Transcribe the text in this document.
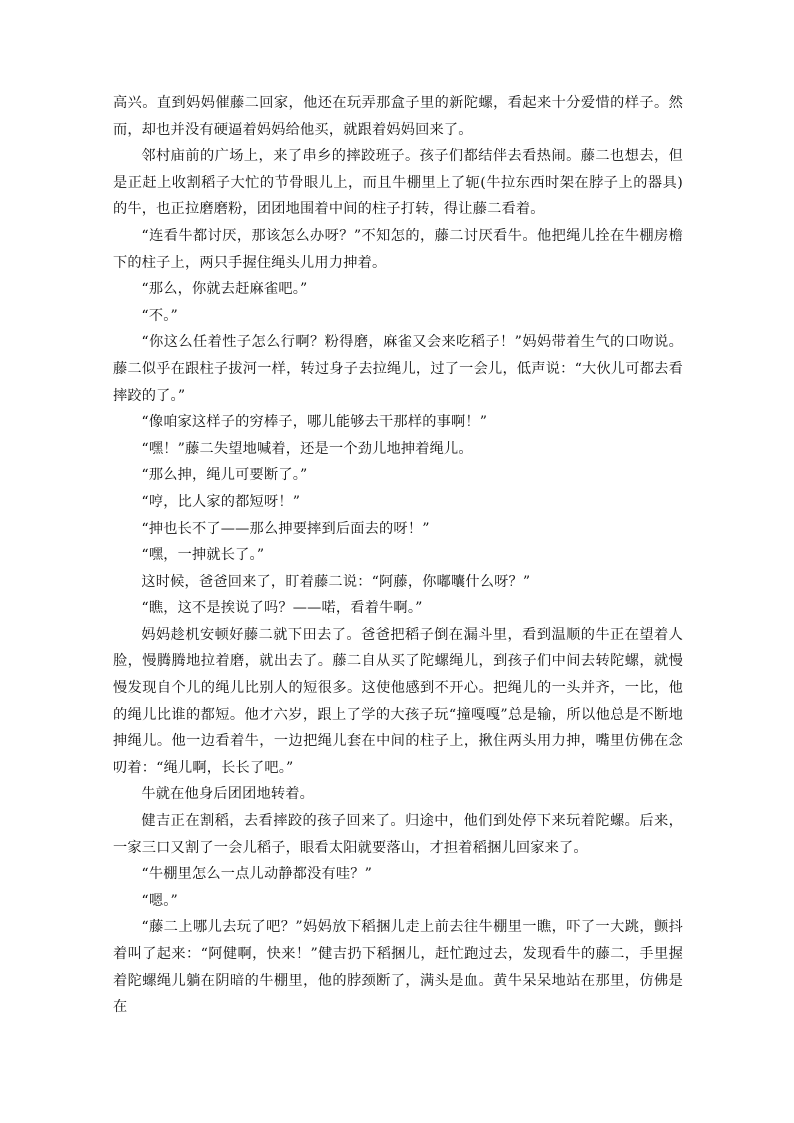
高兴。直到妈妈催藤二回家，他还在玩弄那盒子里的新陀螺，看起来十分爱惜的样子。然而，却也并没有硬逼着妈妈给他买，就跟着妈妈回来了。

邻村庙前的广场上，来了串乡的摔跤班子。孩子们都结伴去看热闹。藤二也想去，但是正赶上收割稻子大忙的节骨眼儿上，而且牛棚里上了轭(牛拉东西时架在脖子上的器具)的牛，也正拉磨磨粉，团团地围着中间的柱子打转，得让藤二看着。

“连看牛都讨厌，那该怎么办呀？”不知怎的，藤二讨厌看牛。他把绳儿拴在牛棚房檐下的柱子上，两只手握住绳头儿用力抻着。

“那么，你就去赶麻雀吧。”

“不。”

“你这么任着性子怎么行啊？粉得磨，麻雀又会来吃稻子！”妈妈带着生气的口吻说。藤二似乎在跟柱子拔河一样，转过身子去拉绳儿，过了一会儿，低声说：“大伙儿可都去看摔跤的了。”

“像咱家这样子的穷棒子，哪儿能够去干那样的事啊！”

“嘿！”藤二失望地喊着，还是一个劲儿地抻着绳儿。

“那么抻，绳儿可要断了。”

“哼，比人家的都短呀！”

“抻也长不了——那么抻要摔到后面去的呀！”

“嘿，一抻就长了。”

这时候，爸爸回来了，盯着藤二说：“阿藤，你嘟囔什么呀？”

“瞧，这不是挨说了吗？——喏，看着牛啊。”

妈妈趁机安顿好藤二就下田去了。爸爸把稻子倒在漏斗里，看到温顺的牛正在望着人脸，慢腾腾地拉着磨，就出去了。藤二自从买了陀螺绳儿，到孩子们中间去转陀螺，就慢慢发现自个儿的绳儿比别人的短很多。这使他感到不开心。把绳儿的一头并齐，一比，他的绳儿比谁的都短。他才六岁，跟上了学的大孩子玩“撞嘎嘎”总是输，所以他总是不断地抻绳儿。他一边看着牛，一边把绳儿套在中间的柱子上，揪住两头用力抻，嘴里仿佛在念叨着：“绳儿啊，长长了吧。”

牛就在他身后团团地转着。

健吉正在割稻，去看摔跤的孩子回来了。归途中，他们到处停下来玩着陀螺。后来，一家三口又割了一会儿稻子，眼看太阳就要落山，才担着稻捆儿回家来了。

“牛棚里怎么一点儿动静都没有哇？”

“嗯。”

“藤二上哪儿去玩了吧？”妈妈放下稻捆儿走上前去往牛棚里一瞧，吓了一大跳，颤抖着叫了起来：“阿健啊，快来！”健吉扔下稻捆儿，赶忙跑过去，发现看牛的藤二，手里握着陀螺绳儿躺在阴暗的牛棚里，他的脖颈断了，满头是血。黄牛呆呆地站在那里，仿佛是在
